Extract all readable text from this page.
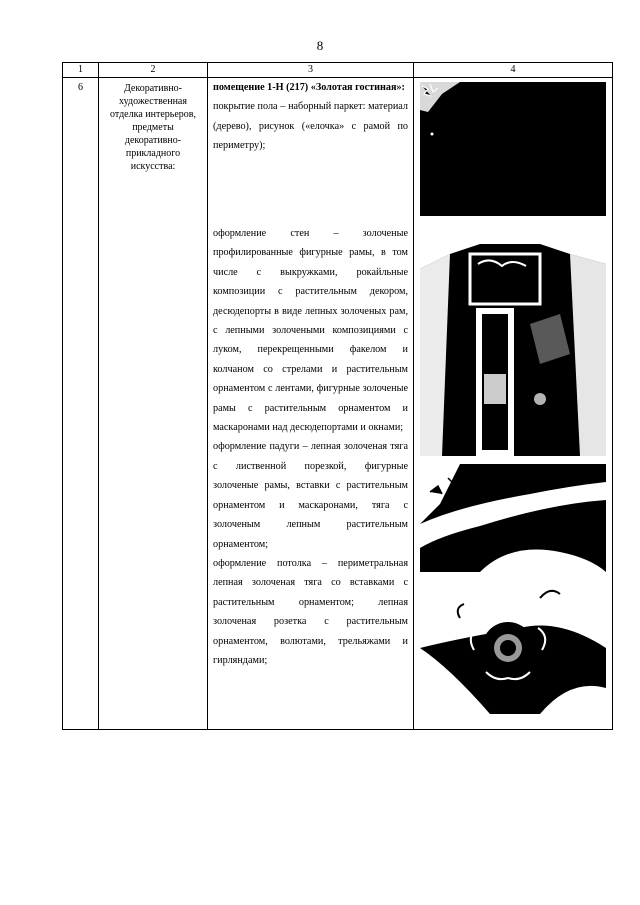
8
1	2	3	4
6	Декоративно-художественная отделка интерьеров, предметы декоративно-прикладного искусства:	помещение 1-Н (217) «Золотая гостиная»:
покрытие пола – наборный паркет: материал (дерево), рисунок («елочка» с рамой по периметру);
оформление стен – золоченые профилированные фигурные рамы, в том числе с выкружками, рокайльные композиции с растительным декором, десюдепорты в виде лепных золоченых рам, с лепными золочеными композициями с луком, перекрещенными факелом и колчаном со стрелами и растительным орнаментом с лентами, фигурные золоченые рамы с растительным орнаментом и маскаронами над десюдепортами и окнами;
оформление падуги – лепная золоченая тяга с лиственной порезкой, фигурные золоченые рамы, вставки с растительным орнаментом и маскаронами, тяга с золоченым лепным растительным орнаментом;
оформление потолка – периметральная лепная золоченая тяга со вставками с растительным орнаментом; лепная золоченая розетка с растительным орнаментом, волютами, трельяжами и гирляндами;
